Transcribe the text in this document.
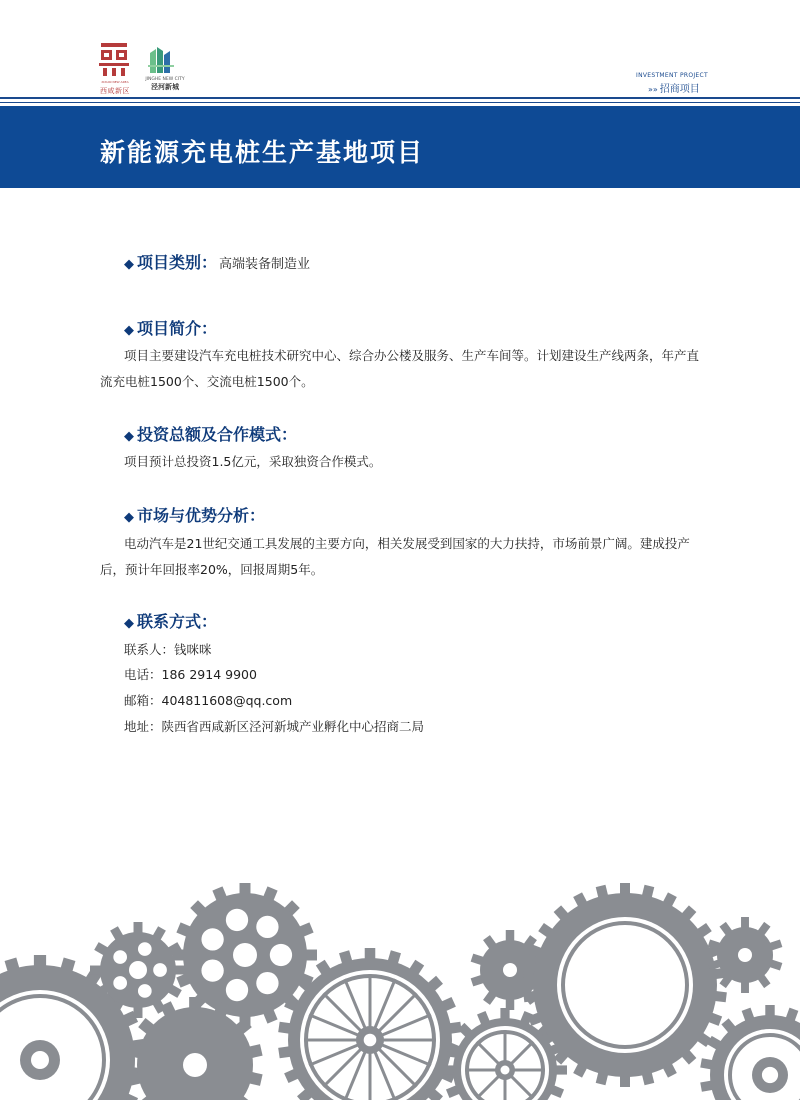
XIXIAN NEW AREA
西咸新区
JINGHE NEW CITY
泾河新城
INVESTMENT PROJECT
»» 招商项目
新能源充电桩生产基地项目
◆ 项目类别： 高端装备制造业
◆ 项目简介：
项目主要建设汽车充电桩技术研究中心、综合办公楼及服务、生产车间等。计划建设生产线两条，年产直
流充电桩1500个、交流电桩1500个。
◆ 投资总额及合作模式：
项目预计总投资1.5亿元，采取独资合作模式。
◆ 市场与优势分析：
电动汽车是21世纪交通工具发展的主要方向，相关发展受到国家的大力扶持，市场前景广阔。建成投产
后，预计年回报率20%，回报周期5年。
◆ 联系方式：
联系人：钱咪咪
电话：186 2914 9900
邮箱：404811608@qq.com
地址：陕西省西咸新区泾河新城产业孵化中心招商二局
